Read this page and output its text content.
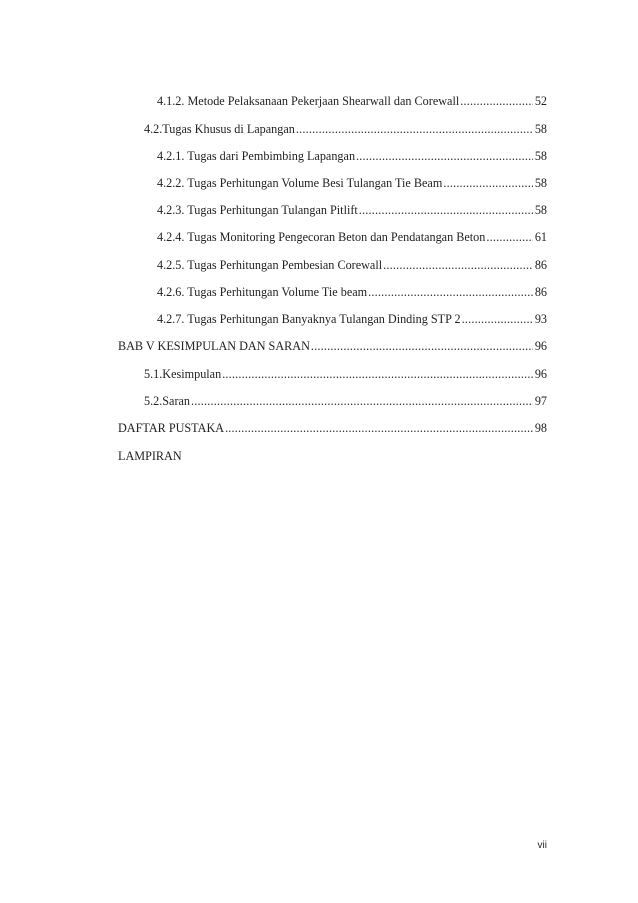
4.1.2. Metode Pelaksanaan Pekerjaan Shearwall dan Corewall .....	52
4.2. Tugas Khusus di Lapangan .....	58
4.2.1. Tugas dari Pembimbing Lapangan .....	58
4.2.2. Tugas Perhitungan Volume Besi Tulangan Tie Beam .....	58
4.2.3. Tugas Perhitungan Tulangan Pitlift .....	58
4.2.4. Tugas Monitoring Pengecoran Beton dan Pendatangan Beton .....	61
4.2.5. Tugas Perhitungan Pembesian Corewall .....	86
4.2.6. Tugas Perhitungan Volume Tie beam .....	86
4.2.7. Tugas Perhitungan Banyaknya Tulangan Dinding STP 2 .....	93
BAB V KESIMPULAN DAN SARAN .....	96
5.1. Kesimpulan .....	96
5.2. Saran .....	97
DAFTAR PUSTAKA .....	98
LAMPIRAN
vii
